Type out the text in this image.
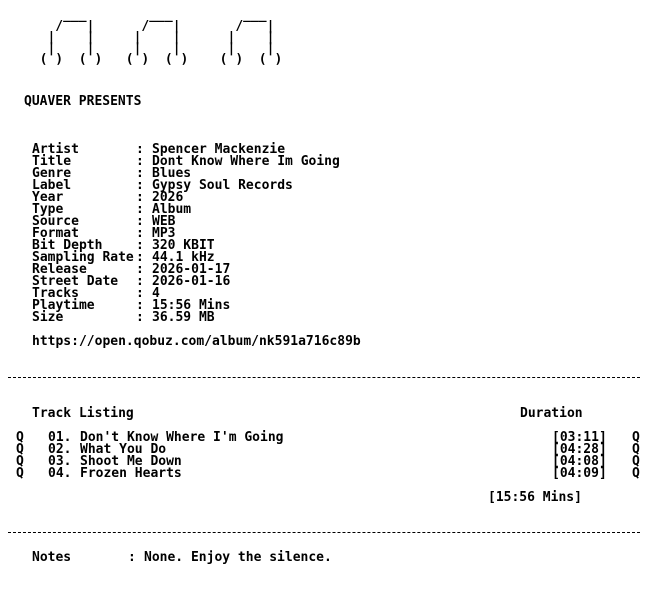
___        ___         ___
/   |      /   |       /   |
|    |     |    |      |    |
|    |     |    |      |    |
( )  ( )   ( )  ( )    ( )  ( )
QUAVER PRESENTS
Artist	: Spencer Mackenzie
Title	: Dont Know Where Im Going
Genre	: Blues
Label	: Gypsy Soul Records
Year	: 2026
Type	: Album
Source	: WEB
Format	: MP3
Bit Depth	: 320 KBIT
Sampling Rate : 44.1 kHz
Release	: 2026-01-17
Street Date : 2026-01-16
Tracks	: 4
Playtime	: 15:56 Mins
Size	: 36.59 MB
https://open.qobuz.com/album/nk591a716c89b
Track Listing	Duration
Q 01. Don't Know Where I'm Going	[03:11] Q
Q 02. What You Do	[04:28] Q
Q 03. Shoot Me Down	[04:08] Q
Q 04. Frozen Hearts	[04:09] Q
[15:56 Mins]
Notes	: None. Enjoy the silence.
